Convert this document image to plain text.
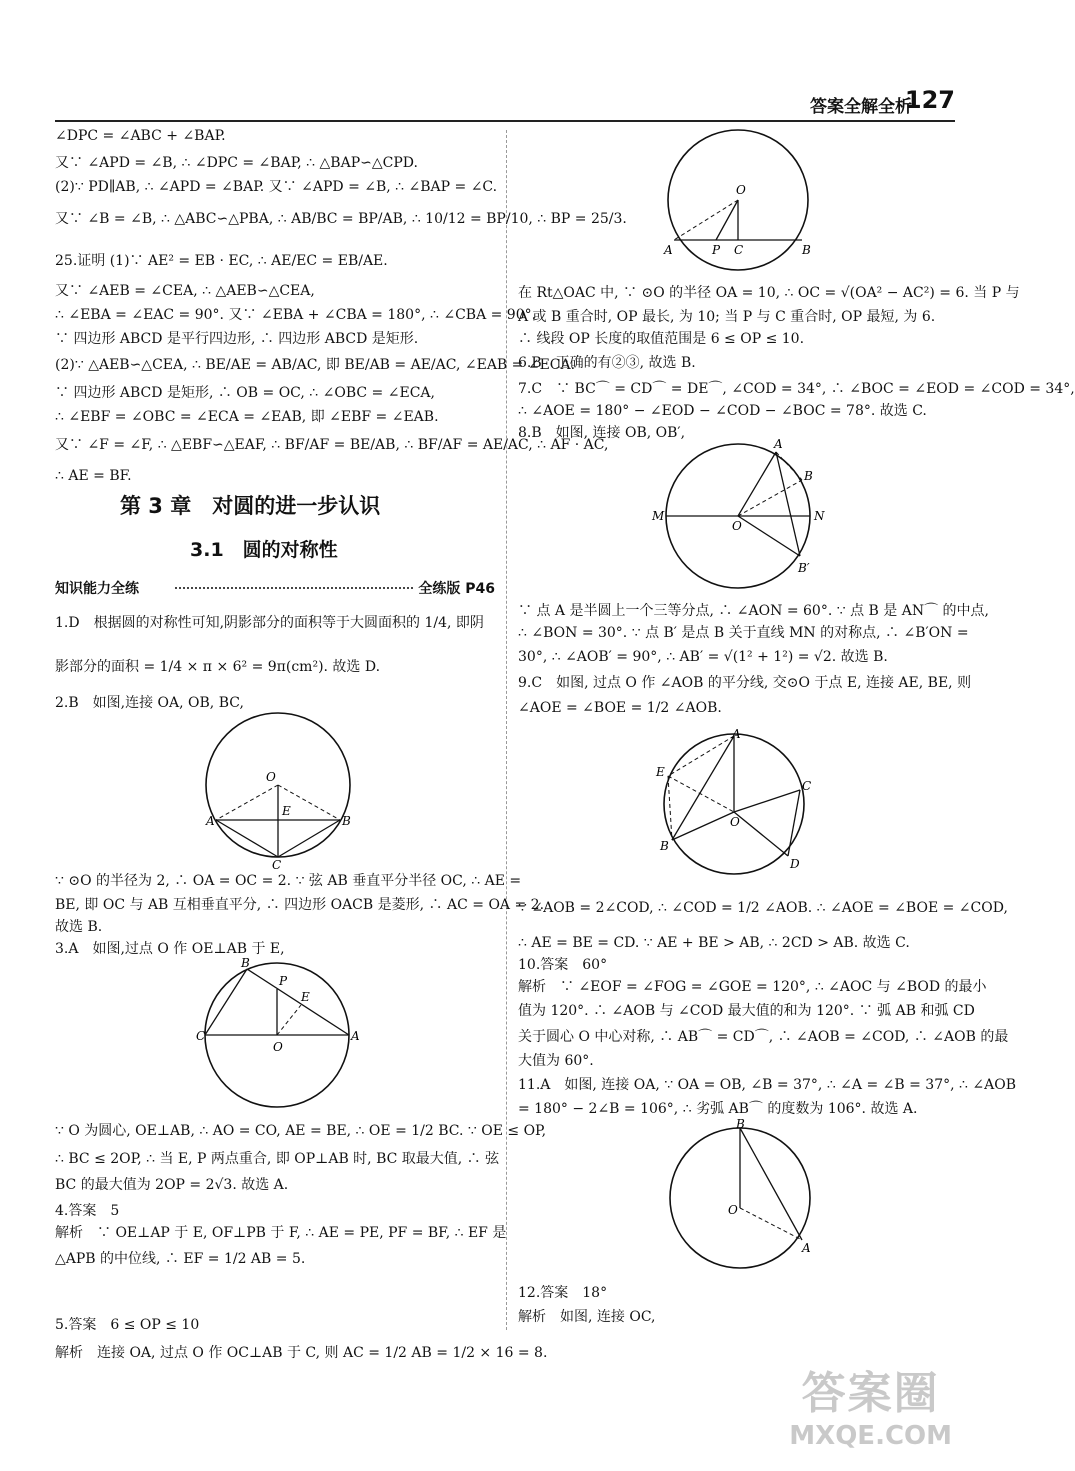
答案全解全析
127
∠DPC = ∠ABC + ∠BAP.
又∵ ∠APD = ∠B, ∴ ∠DPC = ∠BAP, ∴ △BAP∽△CPD.
(2)∵ PD∥AB, ∴ ∠APD = ∠BAP. 又∵ ∠APD = ∠B, ∴ ∠BAP = ∠C.
又∵ ∠B = ∠B, ∴ △ABC∽△PBA, ∴ AB/BC = BP/AB, ∴ 10/12 = BP/10, ∴ BP = 25/3.
25.证明 (1)∵ AE² = EB · EC, ∴ AE/EC = EB/AE.
又∵ ∠AEB = ∠CEA, ∴ △AEB∽△CEA,
∴ ∠EBA = ∠EAC = 90°. 又∵ ∠EBA + ∠CBA = 180°, ∴ ∠CBA = 90°.
∵ 四边形 ABCD 是平行四边形, ∴ 四边形 ABCD 是矩形.
(2)∵ △AEB∽△CEA, ∴ BE/AE = AB/AC, 即 BE/AB = AE/AC, ∠EAB = ∠ECA.
∵ 四边形 ABCD 是矩形, ∴ OB = OC, ∴ ∠OBC = ∠ECA,
∴ ∠EBF = ∠OBC = ∠ECA = ∠EAB, 即 ∠EBF = ∠EAB.
又∵ ∠F = ∠F, ∴ △EBF∽△EAF, ∴ BF/AF = BE/AB, ∴ BF/AF = AE/AC, ∴ AF · AC,
∴ AE = BF.
第 3 章　对圆的进一步认识
3.1　圆的对称性
知识能力全练	全练版 P46
1.D　根据圆的对称性可知,阴影部分的面积等于大圆面积的 1/4, 即阴
影部分的面积 = 1/4 × π × 6² = 9π(cm²). 故选 D.
2.B　如图,连接 OA, OB, BC,
∵ ⊙O 的半径为 2, ∴ OA = OC = 2. ∵ 弦 AB 垂直平分半径 OC, ∴ AE =
BE, 即 OC 与 AB 互相垂直平分, ∴ 四边形 OACB 是菱形, ∴ AC = OA = 2.
故选 B.
3.A　如图,过点 O 作 OE⊥AB 于 E,
∵ O 为圆心, OE⊥AB, ∴ AO = CO, AE = BE, ∴ OE = 1/2 BC. ∵ OE ≤ OP,
∴ BC ≤ 2OP, ∴ 当 E, P 两点重合, 即 OP⊥AB 时, BC 取最大值, ∴ 弦
BC 的最大值为 2OP = 2√3. 故选 A.
4.答案　5
解析　∵ OE⊥AP 于 E, OF⊥PB 于 F, ∴ AE = PE, PF = BF, ∴ EF 是
△APB 的中位线, ∴ EF = 1/2 AB = 5.
5.答案　6 ≤ OP ≤ 10
解析　连接 OA, 过点 O 作 OC⊥AB 于 C, 则 AC = 1/2 AB = 1/2 × 16 = 8.
O
E
A	B
C
B
P
E
C
O
A
O
A	P C	B
在 Rt△OAC 中, ∵ ⊙O 的半径 OA = 10, ∴ OC = √(OA² − AC²) = 6. 当 P 与
A 或 B 重合时, OP 最长, 为 10; 当 P 与 C 重合时, OP 最短, 为 6.
∴ 线段 OP 长度的取值范围是 6 ≤ OP ≤ 10.
6.B　正确的有②③, 故选 B.
7.C　∵ BC⌒ = CD⌒ = DE⌒, ∠COD = 34°, ∴ ∠BOC = ∠EOD = ∠COD = 34°,
∴ ∠AOE = 180° − ∠EOD − ∠COD − ∠BOC = 78°. 故选 C.
8.B　如图, 连接 OB, OB′,
A
B
M
O
N
B′
∵ 点 A 是半圆上一个三等分点, ∴ ∠AON = 60°. ∵ 点 B 是 AN⌒ 的中点,
∴ ∠BON = 30°. ∵ 点 B′ 是点 B 关于直线 MN 的对称点, ∴ ∠B′ON =
30°, ∴ ∠AOB′ = 90°, ∴ AB′ = √(1² + 1²) = √2. 故选 B.
9.C　如图, 过点 O 作 ∠AOB 的平分线, 交⊙O 于点 E, 连接 AE, BE, 则
∠AOE = ∠BOE = 1/2 ∠AOB.
A
E
C
O
B
D
∵ ∠AOB = 2∠COD, ∴ ∠COD = 1/2 ∠AOB. ∴ ∠AOE = ∠BOE = ∠COD,
∴ AE = BE = CD. ∵ AE + BE > AB, ∴ 2CD > AB. 故选 C.
10.答案　60°
解析　∵ ∠EOF = ∠FOG = ∠GOE = 120°, ∴ ∠AOC 与 ∠BOD 的最小
值为 120°. ∴ ∠AOB 与 ∠COD 最大值的和为 120°. ∵ 弧 AB 和弧 CD
关于圆心 O 中心对称, ∴ AB⌒ = CD⌒, ∴ ∠AOB = ∠COD, ∴ ∠AOB 的最
大值为 60°.
11.A　如图, 连接 OA, ∵ OA = OB, ∠B = 37°, ∴ ∠A = ∠B = 37°, ∴ ∠AOB
= 180° − 2∠B = 106°, ∴ 劣弧 AB⌒ 的度数为 106°. 故选 A.
B
O
A
12.答案　18°
解析　如图, 连接 OC,
答案圈
MXQE.COM
